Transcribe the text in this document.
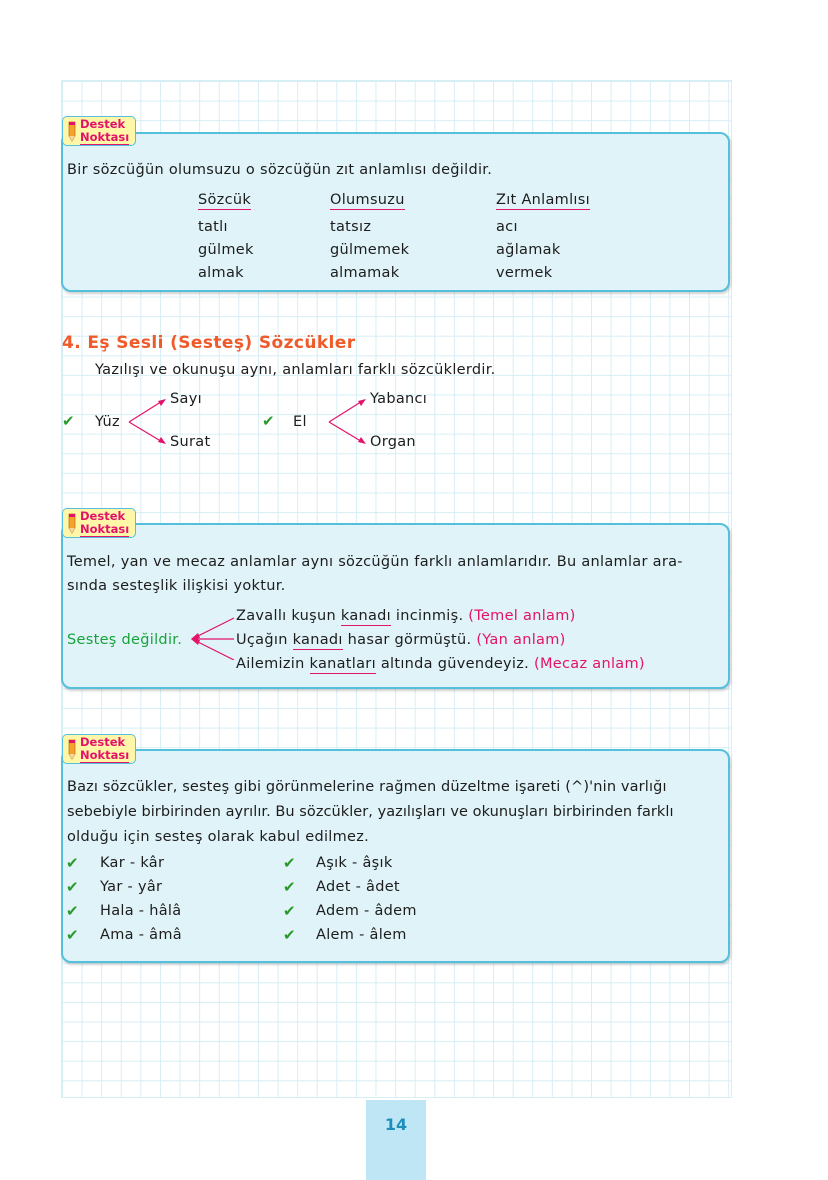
Destek
Noktası
Bir sözcüğün olumsuzu o sözcüğün zıt anlamlısı değildir.
Sözcük	Olumsuzu	Zıt Anlamlısı
tatlı	tatsız	acı
gülmek	gülmemek	ağlamak
almak	almamak	vermek
4. Eş Sesli (Sesteş) Sözcükler
Yazılışı ve okunuşu aynı, anlamları farklı sözcüklerdir.
✔ Yüz
Sayı
Surat
✔ El
Yabancı
Organ
Destek
Noktası
Temel, yan ve mecaz anlamlar aynı sözcüğün farklı anlamlarıdır. Bu anlamlar ara-
sında sesteşlik ilişkisi yoktur.
Sesteş değildir.
Zavallı kuşun kanadı incinmiş. (Temel anlam)
Uçağın kanadı hasar görmüştü. (Yan anlam)
Ailemizin kanatları altında güvendeyiz. (Mecaz anlam)
Destek
Noktası
Bazı sözcükler, sesteş gibi görünmelerine rağmen düzeltme işareti (^)'nin varlığı
sebebiyle birbirinden ayrılır. Bu sözcükler, yazılışları ve okunuşları birbirinden farklı
olduğu için sesteş olarak kabul edilmez.
✔ Kar - kâr
✔ Yar - yâr
✔ Hala - hâlâ
✔ Ama - âmâ
✔ Aşık - âşık
✔ Adet - âdet
✔ Adem - âdem
✔ Alem - âlem
14
